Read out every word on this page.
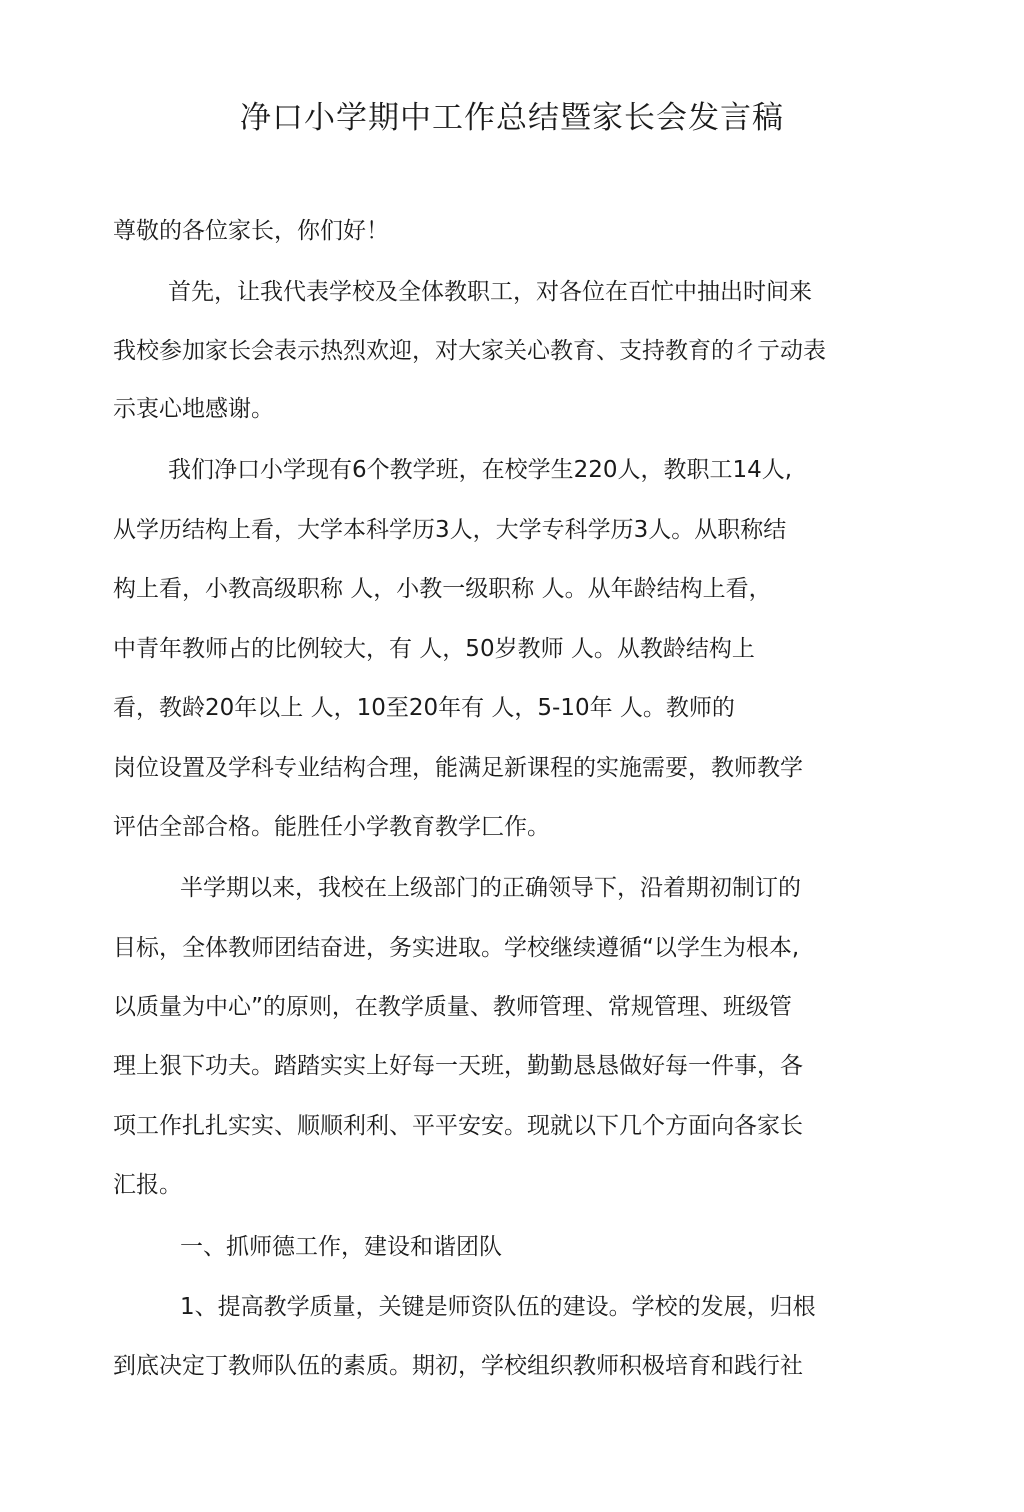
净口小学期中工作总结暨家长会发言稿
尊敬的各位家长，你们好！
首先，让我代表学校及全体教职工，对各位在百忙中抽出时间来
我校参加家长会表示热烈欢迎，对大家关心教育、支持教育的彳亍动表
示衷心地感谢。
我们净口小学现有6个教学班，在校学生220人，教职工14人,
从学历结构上看，大学本科学历3人，大学专科学历3人。从职称结
构上看，小教高级职称 人，小教一级职称 人。从年龄结构上看，
中青年教师占的比例较大，有 人，50岁教师 人。从教龄结构上
看，教龄20年以上 人，10至20年有 人，5-10年 人。教师的
岗位设置及学科专业结构合理，能满足新课程的实施需要，教师教学
评估全部合格。能胜任小学教育教学匚作。
半学期以来，我校在上级部门的正确领导下，沿着期初制订的
目标，全体教师团结奋进，务实进取。学校继续遵循“以学生为根本,
以质量为中心”的原则，在教学质量、教师管理、常规管理、班级管
理上狠下功夫。踏踏实实上好每一天班，勤勤恳恳做好每一件事，各
项工作扎扎实实、顺顺利利、平平安安。现就以下几个方面向各家长
汇报。
一、抓师德工作，建设和谐团队
1、提高教学质量，关键是师资队伍的建设。学校的发展，归根
到底决定丁教师队伍的素质。期初，学校组织教师积极培育和践行社
